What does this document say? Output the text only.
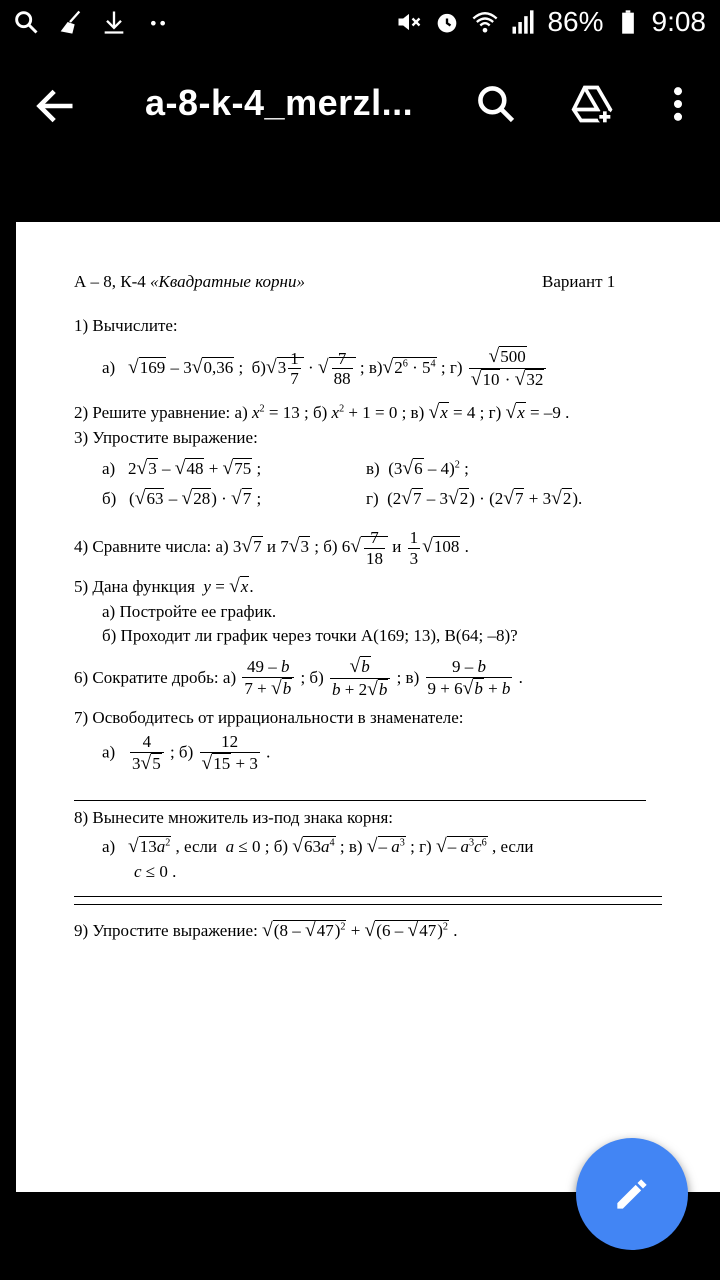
86% 9:08
a-8-k-4_merzl...
А – 8, К-4 «Квадратные корни»	Вариант 1
1) Вычислите:
а)   √169 – 3√0,36 ;  $б)√3 \frac{1}{7}$ · √ $\frac{7}{88}$ ; $в)√2^6 \cdot 5^4$ ; $г) \frac{√500}{√10 \cdot √32}$
2) Решите уравнение: а) $x^2 = 13$ ; б) $x^2 + 1 = 0$ ; в) √x = 4 ; г) √x = –9 .
3) Упростите выражение:
а)   2√3 – √48 + √75 ;	в)  (3√6 – 4)$^2$ ;
б)   (√63 – √28) · √7 ;	г)  (2√7 – 3√2) · (2√7 + 3√2).
4) Сравните числа: а) 3√7 и 7√3 ; б) $6√ \frac{7}{18}$ и $\frac{1}{3} √108$ .
5) Дана функция y = √x.
а) Постройте ее график.
б) Проходит ли график через точки A(169; 13), B(64; –8)?
6) Сократите дробь: $а) \frac{49 - b}{7 + √b}$ ; $б) \frac{√b}{b + 2√b}$ ; $в) \frac{9 - b}{9 + 6√b + b}$ .
7) Освободитесь от иррациональности в знаменателе:
$а) \frac{4}{3√5}$ ; $б) \frac{12}{√15 + 3}$ .
8) Вынесите множитель из-под знака корня:
а)   $√13a^2$ , если  a ≤ 0 ; б) $√63a^4$ ; в) √– $a^3$ ; г) √– $a^3c^6$ , если
c ≤ 0 .
9) Упростите выражение: √(8 – √47)$^2$ + √(6 – √47)$^2$ .
